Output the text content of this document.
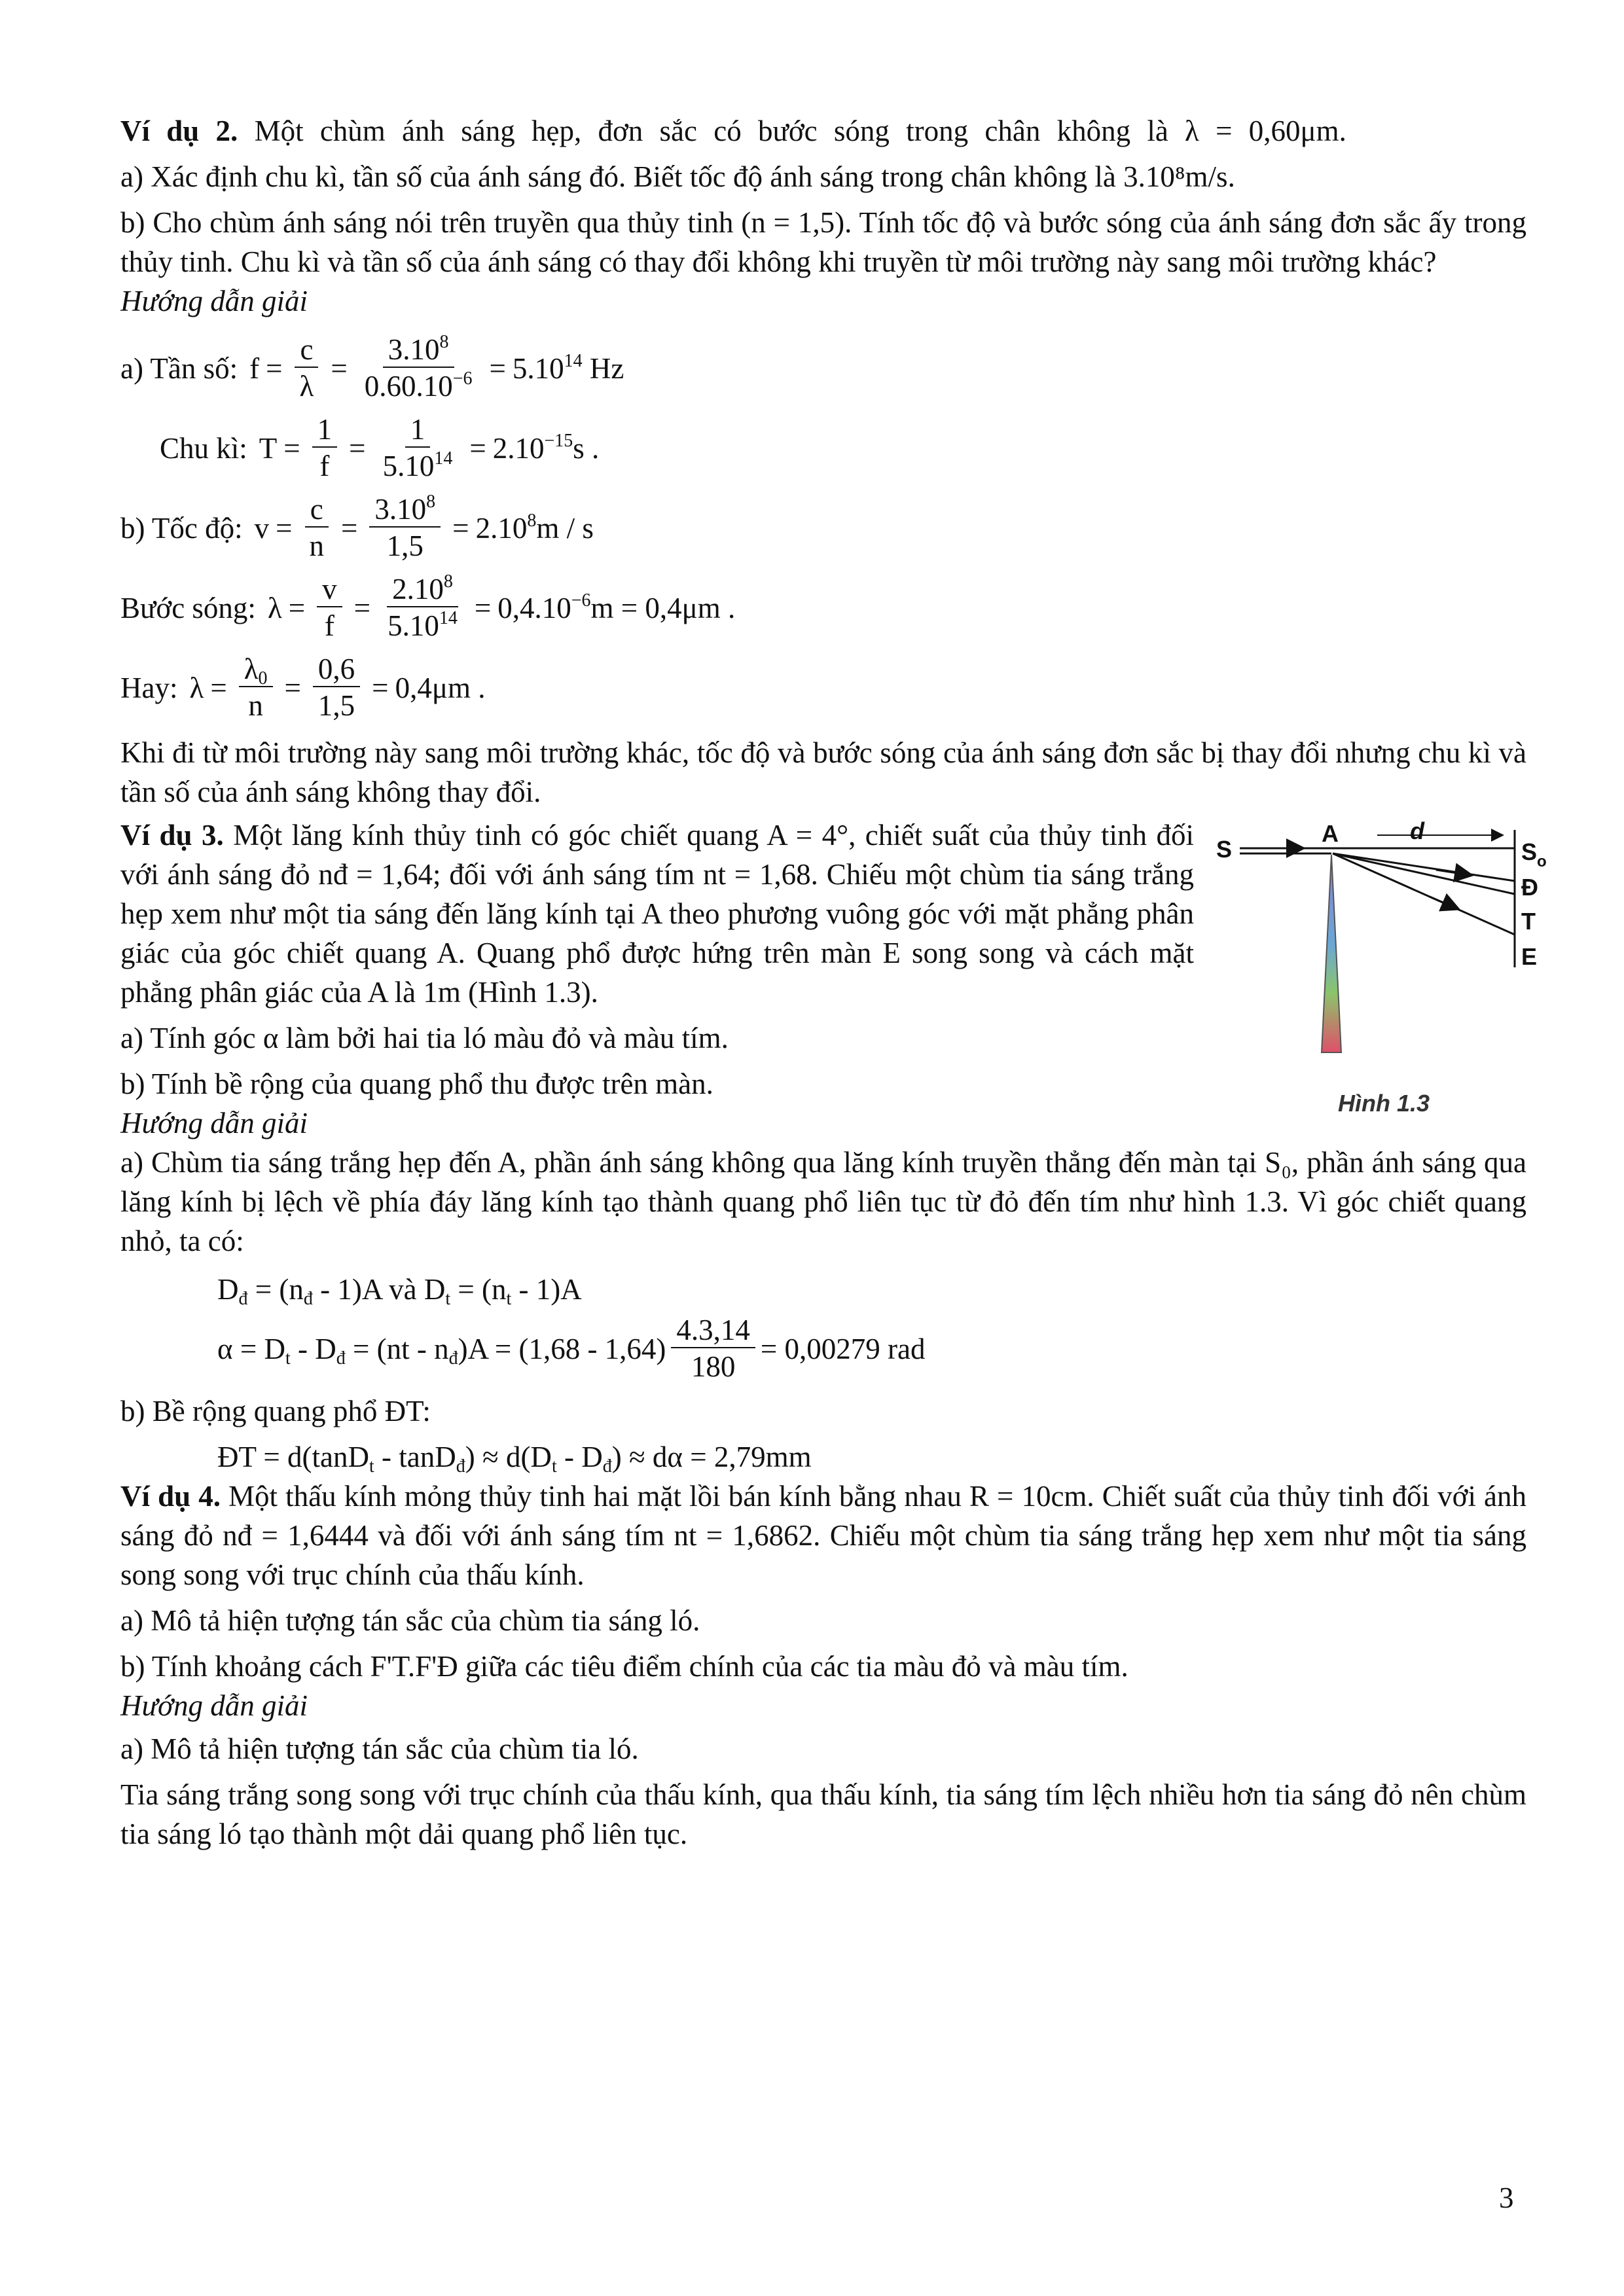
Ví dụ 2. Một chùm ánh sáng hẹp, đơn sắc có bước sóng trong chân không là λ = 0,60μm.

a) Xác định chu kì, tần số của ánh sáng đó. Biết tốc độ ánh sáng trong chân không là 3.10⁸m/s.

b) Cho chùm ánh sáng nói trên truyền qua thủy tinh (n = 1,5). Tính tốc độ và bước sóng của ánh sáng đơn sắc ấy trong thủy tinh. Chu kì và tần số của ánh sáng có thay đổi không khi truyền từ môi trường này sang môi trường khác?

Hướng dẫn giải

a) Tần số: $f = \frac{c}{\lambda} = \frac{3.10^8}{0.60.10^{-6}} = 5.10^{14}$ Hz
Chu kì: $T = \frac{1}{f} = \frac{1}{5.10^{14}} = 2.10^{-15}s$ .
b) Tốc độ: $v = \frac{c}{n} = \frac{3.10^8}{1,5} = 2.10^8m / s$
Bước sóng: $\lambda = \frac{v}{f} = \frac{2.10^8}{5.10^{14}} = 0,4.10^{-6}m = 0,4\mu m$ .
Hay: $\lambda = \frac{\lambda_0}{n} = \frac{0,6}{1,5} = 0,4\mu m$ .

Khi đi từ môi trường này sang môi trường khác, tốc độ và bước sóng của ánh sáng đơn sắc bị thay đổi nhưng chu kì và tần số của ánh sáng không thay đổi.

Ví dụ 3. Một lăng kính thủy tinh có góc chiết quang A = 4°, chiết suất của thủy tinh đối với ánh sáng đỏ nđ = 1,64; đối với ánh sáng tím nt = 1,68. Chiếu một chùm tia sáng trắng hẹp xem như một tia sáng đến lăng kính tại A theo phương vuông góc với mặt phẳng phân giác của góc chiết quang A. Quang phổ được hứng trên màn E song song và cách mặt phẳng phân giác của A là 1m (Hình 1.3).

a) Tính góc α làm bởi hai tia ló màu đỏ và màu tím.

b) Tính bề rộng của quang phổ thu được trên màn.

S
A	d
$S_o$
Đ
T
E
Hình 1.3

Hướng dẫn giải

a) Chùm tia sáng trắng hẹp đến A, phần ánh sáng không qua lăng kính truyền thẳng đến màn tại S₀, phần ánh sáng qua lăng kính bị lệch về phía đáy lăng kính tạo thành quang phổ liên tục từ đỏ đến tím như hình 1.3. Vì góc chiết quang nhỏ, ta có:

$D_đ = (n_đ - 1)A$ và $D_t = (n_t - 1)A$

$\alpha = D_t - D_đ = (nt - n_đ)A = (1,68 - 1,64) \frac{4.3,14}{180} = 0,00279$ rad

b) Bề rộng quang phổ ĐT:

ĐT = $d(\tan D_t - \tan D_đ) \approx d(D_t - D_đ) \approx d\alpha = 2,79mm$

Ví dụ 4. Một thấu kính mỏng thủy tinh hai mặt lồi bán kính bằng nhau R = 10cm. Chiết suất của thủy tinh đối với ánh sáng đỏ nđ = 1,6444 và đối với ánh sáng tím nt = 1,6862. Chiếu một chùm tia sáng trắng hẹp xem như một tia sáng song song với trục chính của thấu kính.

a) Mô tả hiện tượng tán sắc của chùm tia sáng ló.

b) Tính khoảng cách F'T.F'Đ giữa các tiêu điểm chính của các tia màu đỏ và màu tím.

Hướng dẫn giải

a) Mô tả hiện tượng tán sắc của chùm tia ló.

Tia sáng trắng song song với trục chính của thấu kính, qua thấu kính, tia sáng tím lệch nhiều hơn tia sáng đỏ nên chùm tia sáng ló tạo thành một dải quang phổ liên tục.

3
